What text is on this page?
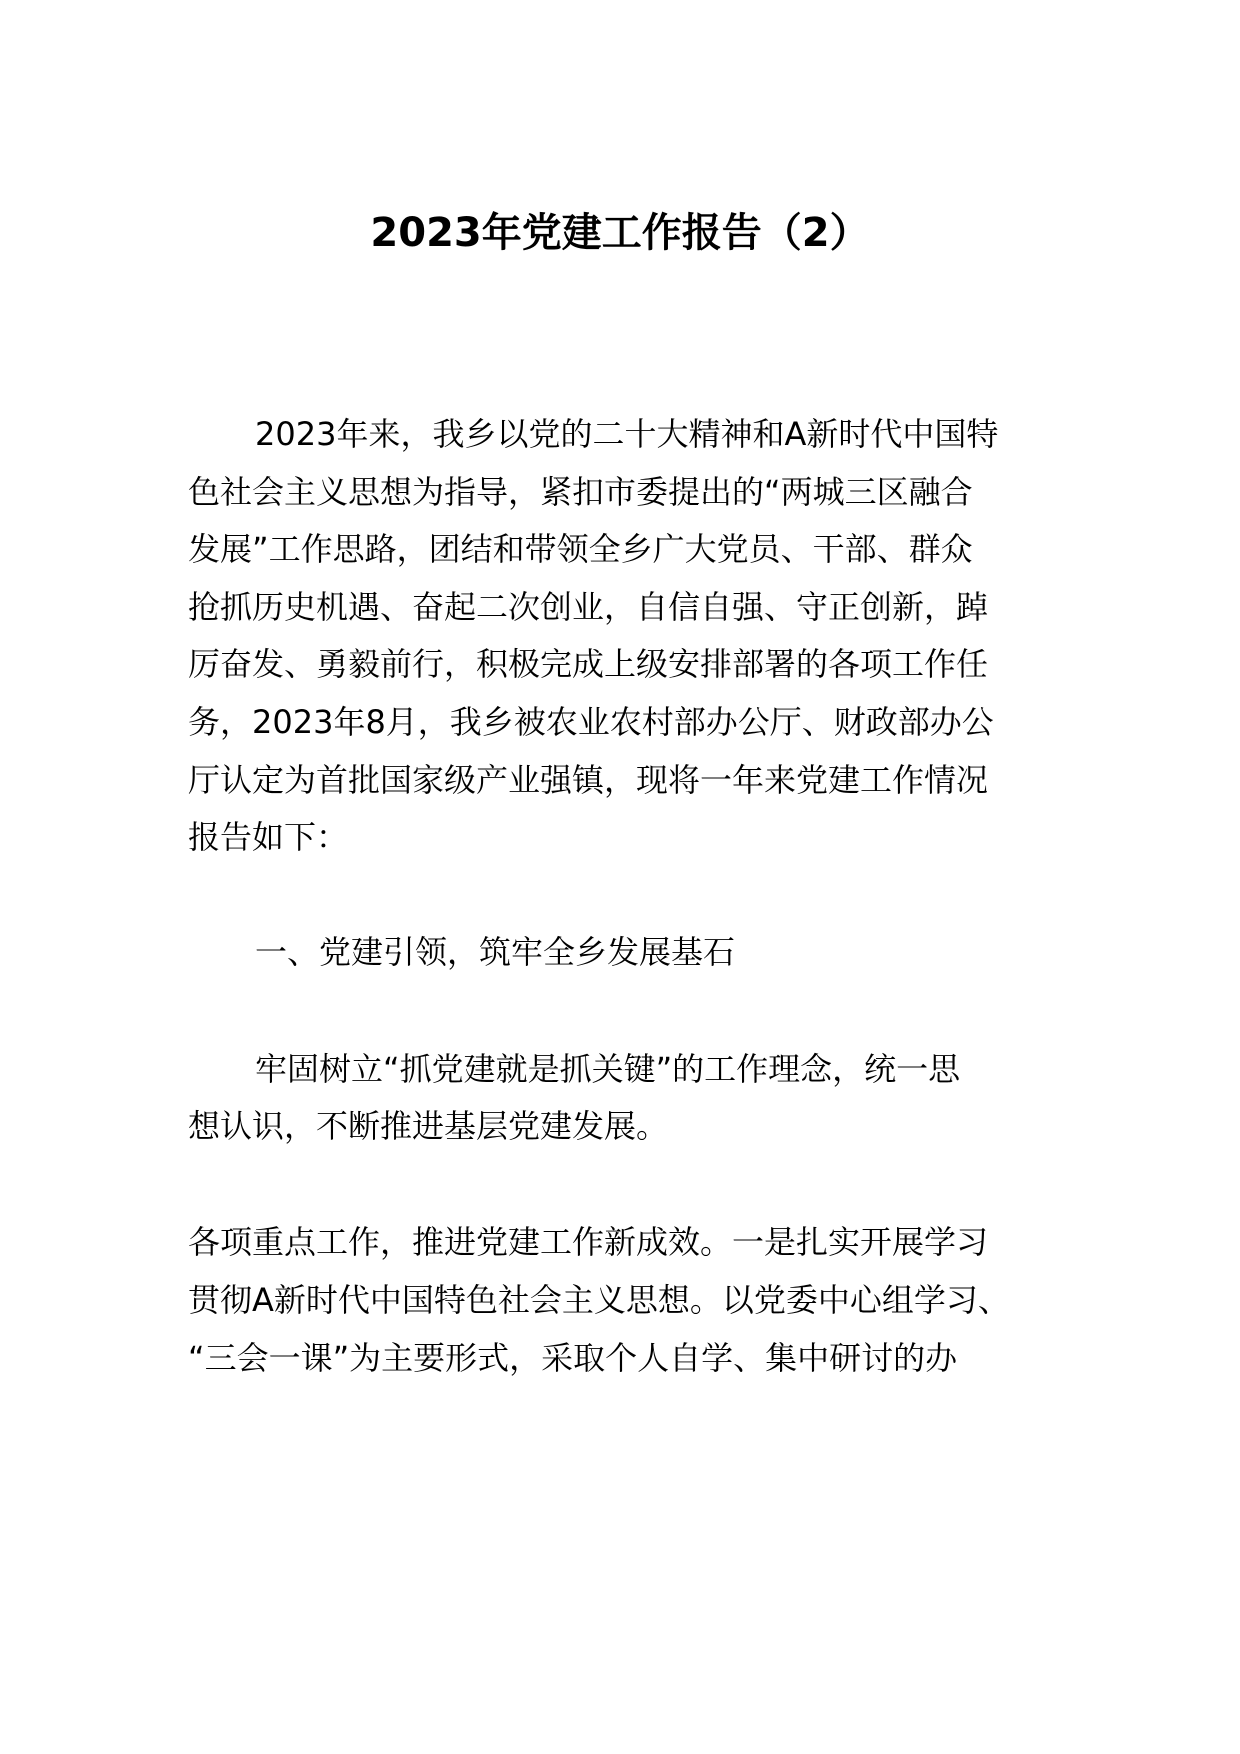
2023年党建工作报告（2）
2023年来，我乡以党的二十大精神和A新时代中国特
色社会主义思想为指导，紧扣市委提出的“两城三区融合
发展”工作思路，团结和带领全乡广大党员、干部、群众
抢抓历史机遇、奋起二次创业，自信自强、守正创新，踔
厉奋发、勇毅前行，积极完成上级安排部署的各项工作任
务，2023年8月，我乡被农业农村部办公厅、财政部办公
厅认定为首批国家级产业强镇，现将一年来党建工作情况
报告如下：
一、党建引领，筑牢全乡发展基石
牢固树立“抓党建就是抓关键”的工作理念，统一思
想认识，不断推进基层党建发展。
各项重点工作，推进党建工作新成效。一是扎实开展学习
贯彻A新时代中国特色社会主义思想。以党委中心组学习、
“三会一课”为主要形式，采取个人自学、集中研讨的办
